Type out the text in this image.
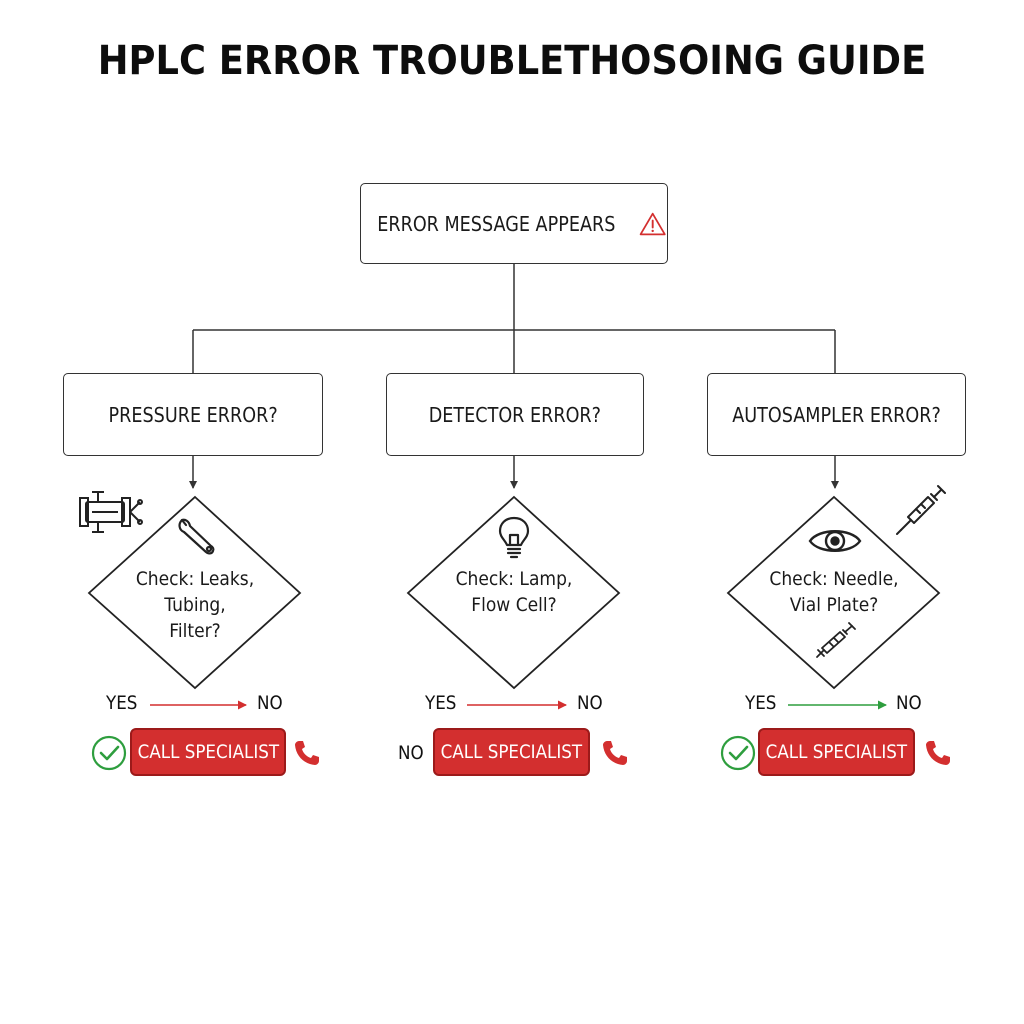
HPLC ERROR TROUBLETHOSOING GUIDE
ERROR MESSAGE APPEARS
PRESSURE ERROR?	DETECTOR ERROR?	AUTOSAMPLER ERROR?
Check: Leaks,
Tubing,
Filter?
Check: Lamp,
Flow Cell?
Check: Needle,
Vial Plate?
YES	NO	YES	NO	YES	NO
NO
CALL SPECIALIST	CALL SPECIALIST	CALL SPECIALIST
